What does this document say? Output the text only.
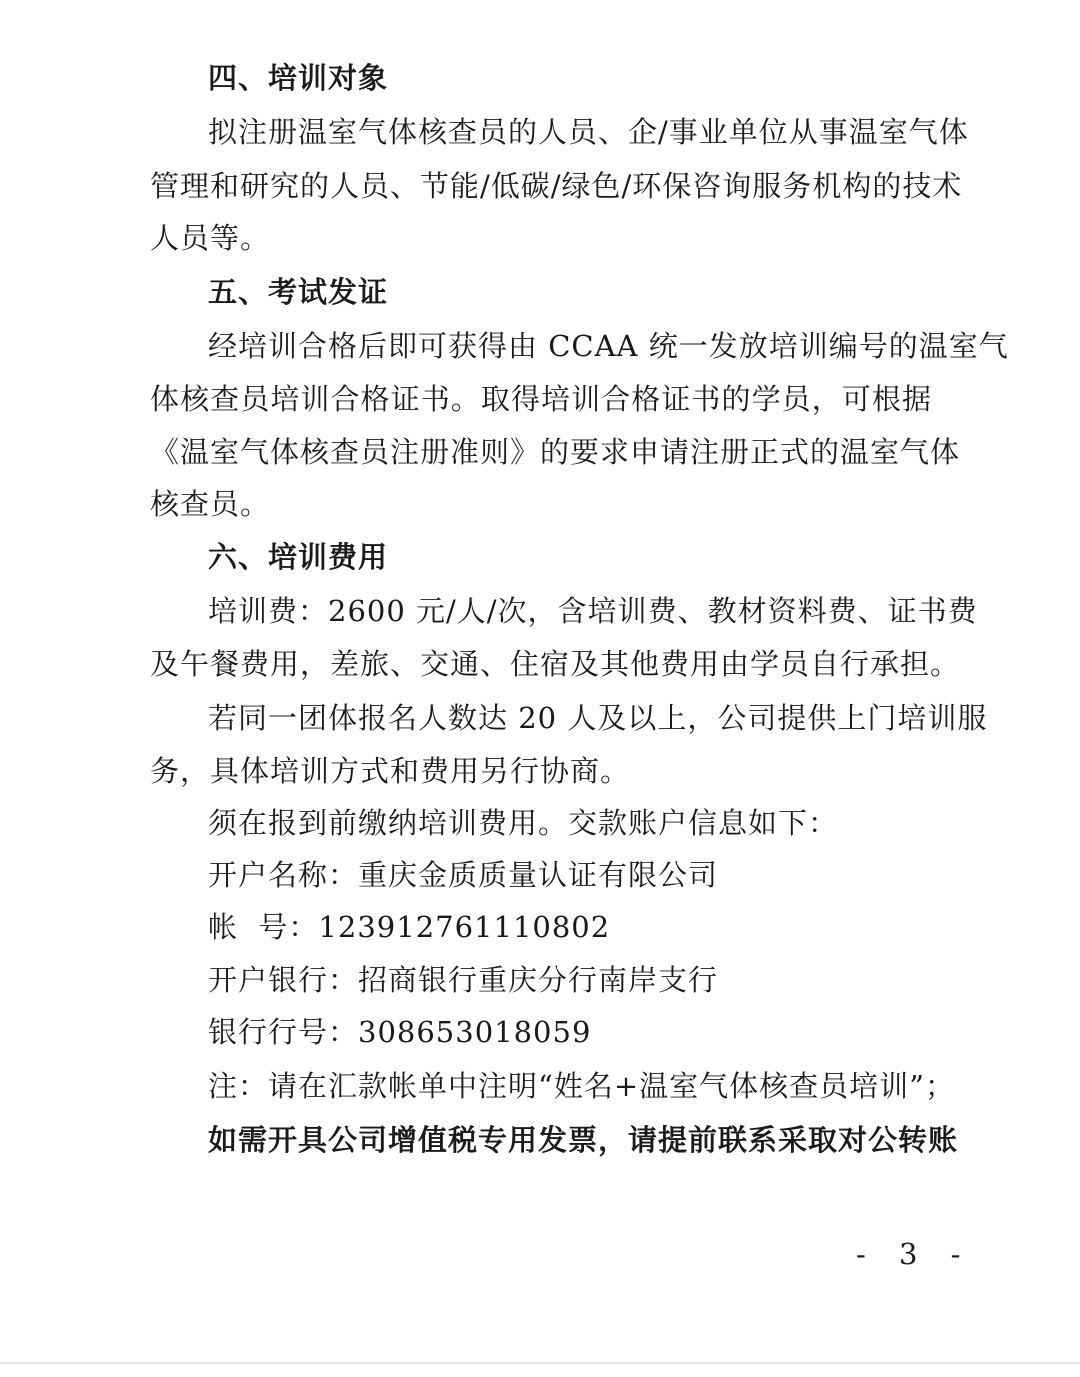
四、培训对象
拟注册温室气体核查员的人员、企/事业单位从事温室气体
管理和研究的人员、节能/低碳/绿色/环保咨询服务机构的技术
人员等。
五、考试发证
经培训合格后即可获得由 CCAA 统一发放培训编号的温室气
体核查员培训合格证书。取得培训合格证书的学员，可根据
《温室气体核查员注册准则》的要求申请注册正式的温室气体
核查员。
六、培训费用
培训费：2600 元/人/次，含培训费、教材资料费、证书费
及午餐费用，差旅、交通、住宿及其他费用由学员自行承担。
若同一团体报名人数达 20 人及以上，公司提供上门培训服
务，具体培训方式和费用另行协商。
须在报到前缴纳培训费用。交款账户信息如下：
开户名称：重庆金质质量认证有限公司
帐  号：123912761110802
开户银行：招商银行重庆分行南岸支行
银行行号：308653018059
注：请在汇款帐单中注明“姓名+温室气体核查员培训”；
如需开具公司增值税专用发票，请提前联系采取对公转账
- 3 -
